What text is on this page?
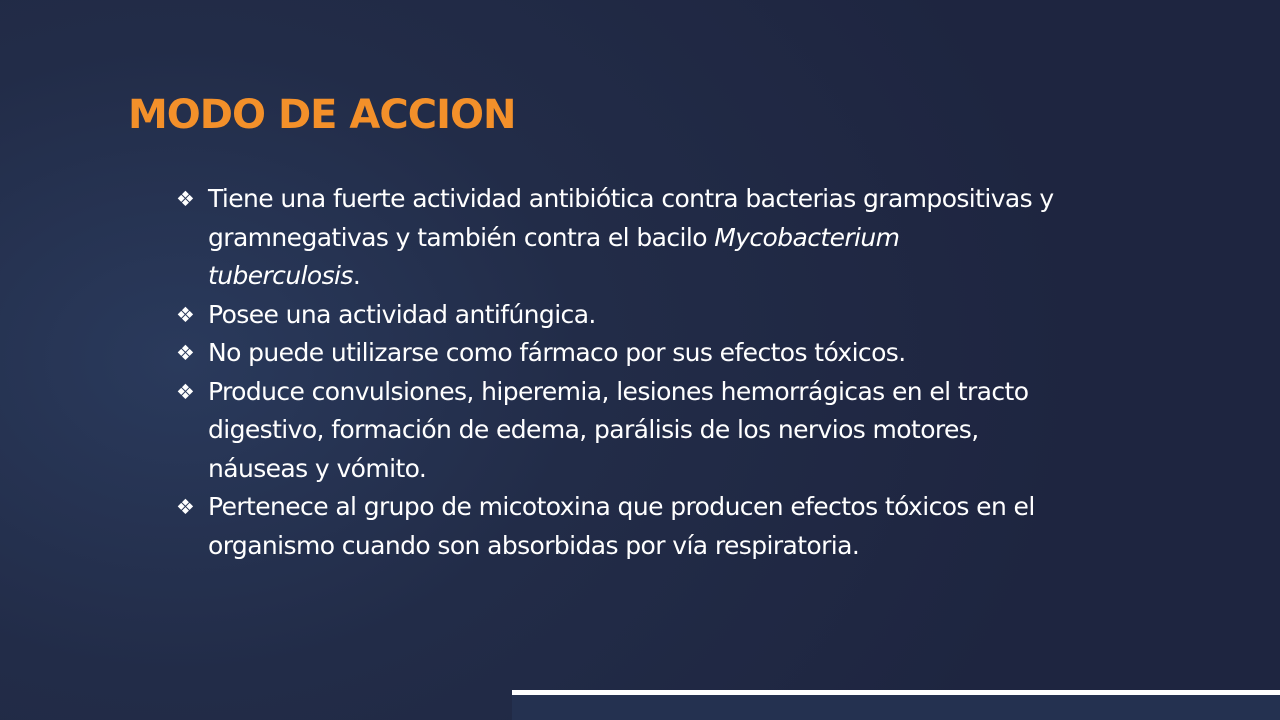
MODO DE ACCION
❖ Tiene una fuerte actividad antibiótica contra bacterias grampositivas y gramnegativas y también contra el bacilo Mycobacterium tuberculosis.
❖ Posee una actividad antifúngica.
❖ No puede utilizarse como fármaco por sus efectos tóxicos.
❖ Produce convulsiones, hiperemia, lesiones hemorrágicas en el tracto digestivo, formación de edema, parálisis de los nervios motores, náuseas y vómito.
❖ Pertenece al grupo de micotoxina que producen efectos tóxicos en el organismo cuando son absorbidas por vía respiratoria.
